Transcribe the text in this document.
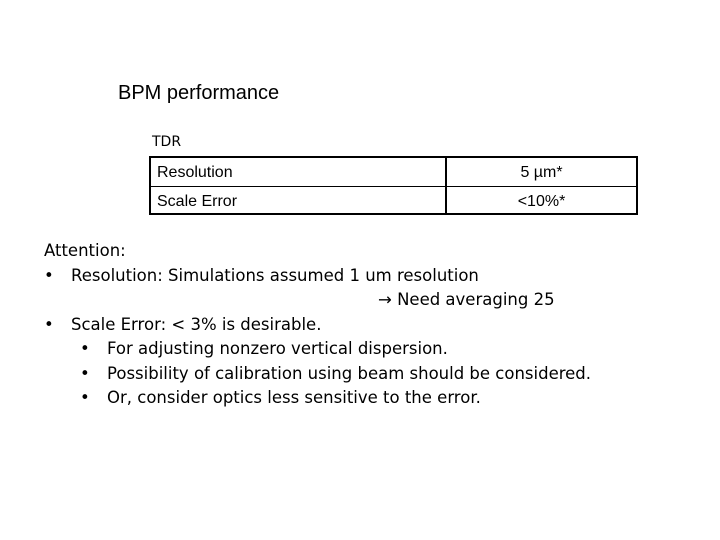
BPM performance
TDR
Resolution	5 µm*
Scale Error	<10%*
Attention:
• Resolution: Simulations assumed 1 um resolution
→ Need averaging 25
• Scale Error: < 3% is desirable.
• For adjusting nonzero vertical dispersion.
• Possibility of calibration using beam should be considered.
• Or, consider optics less sensitive to the error.
